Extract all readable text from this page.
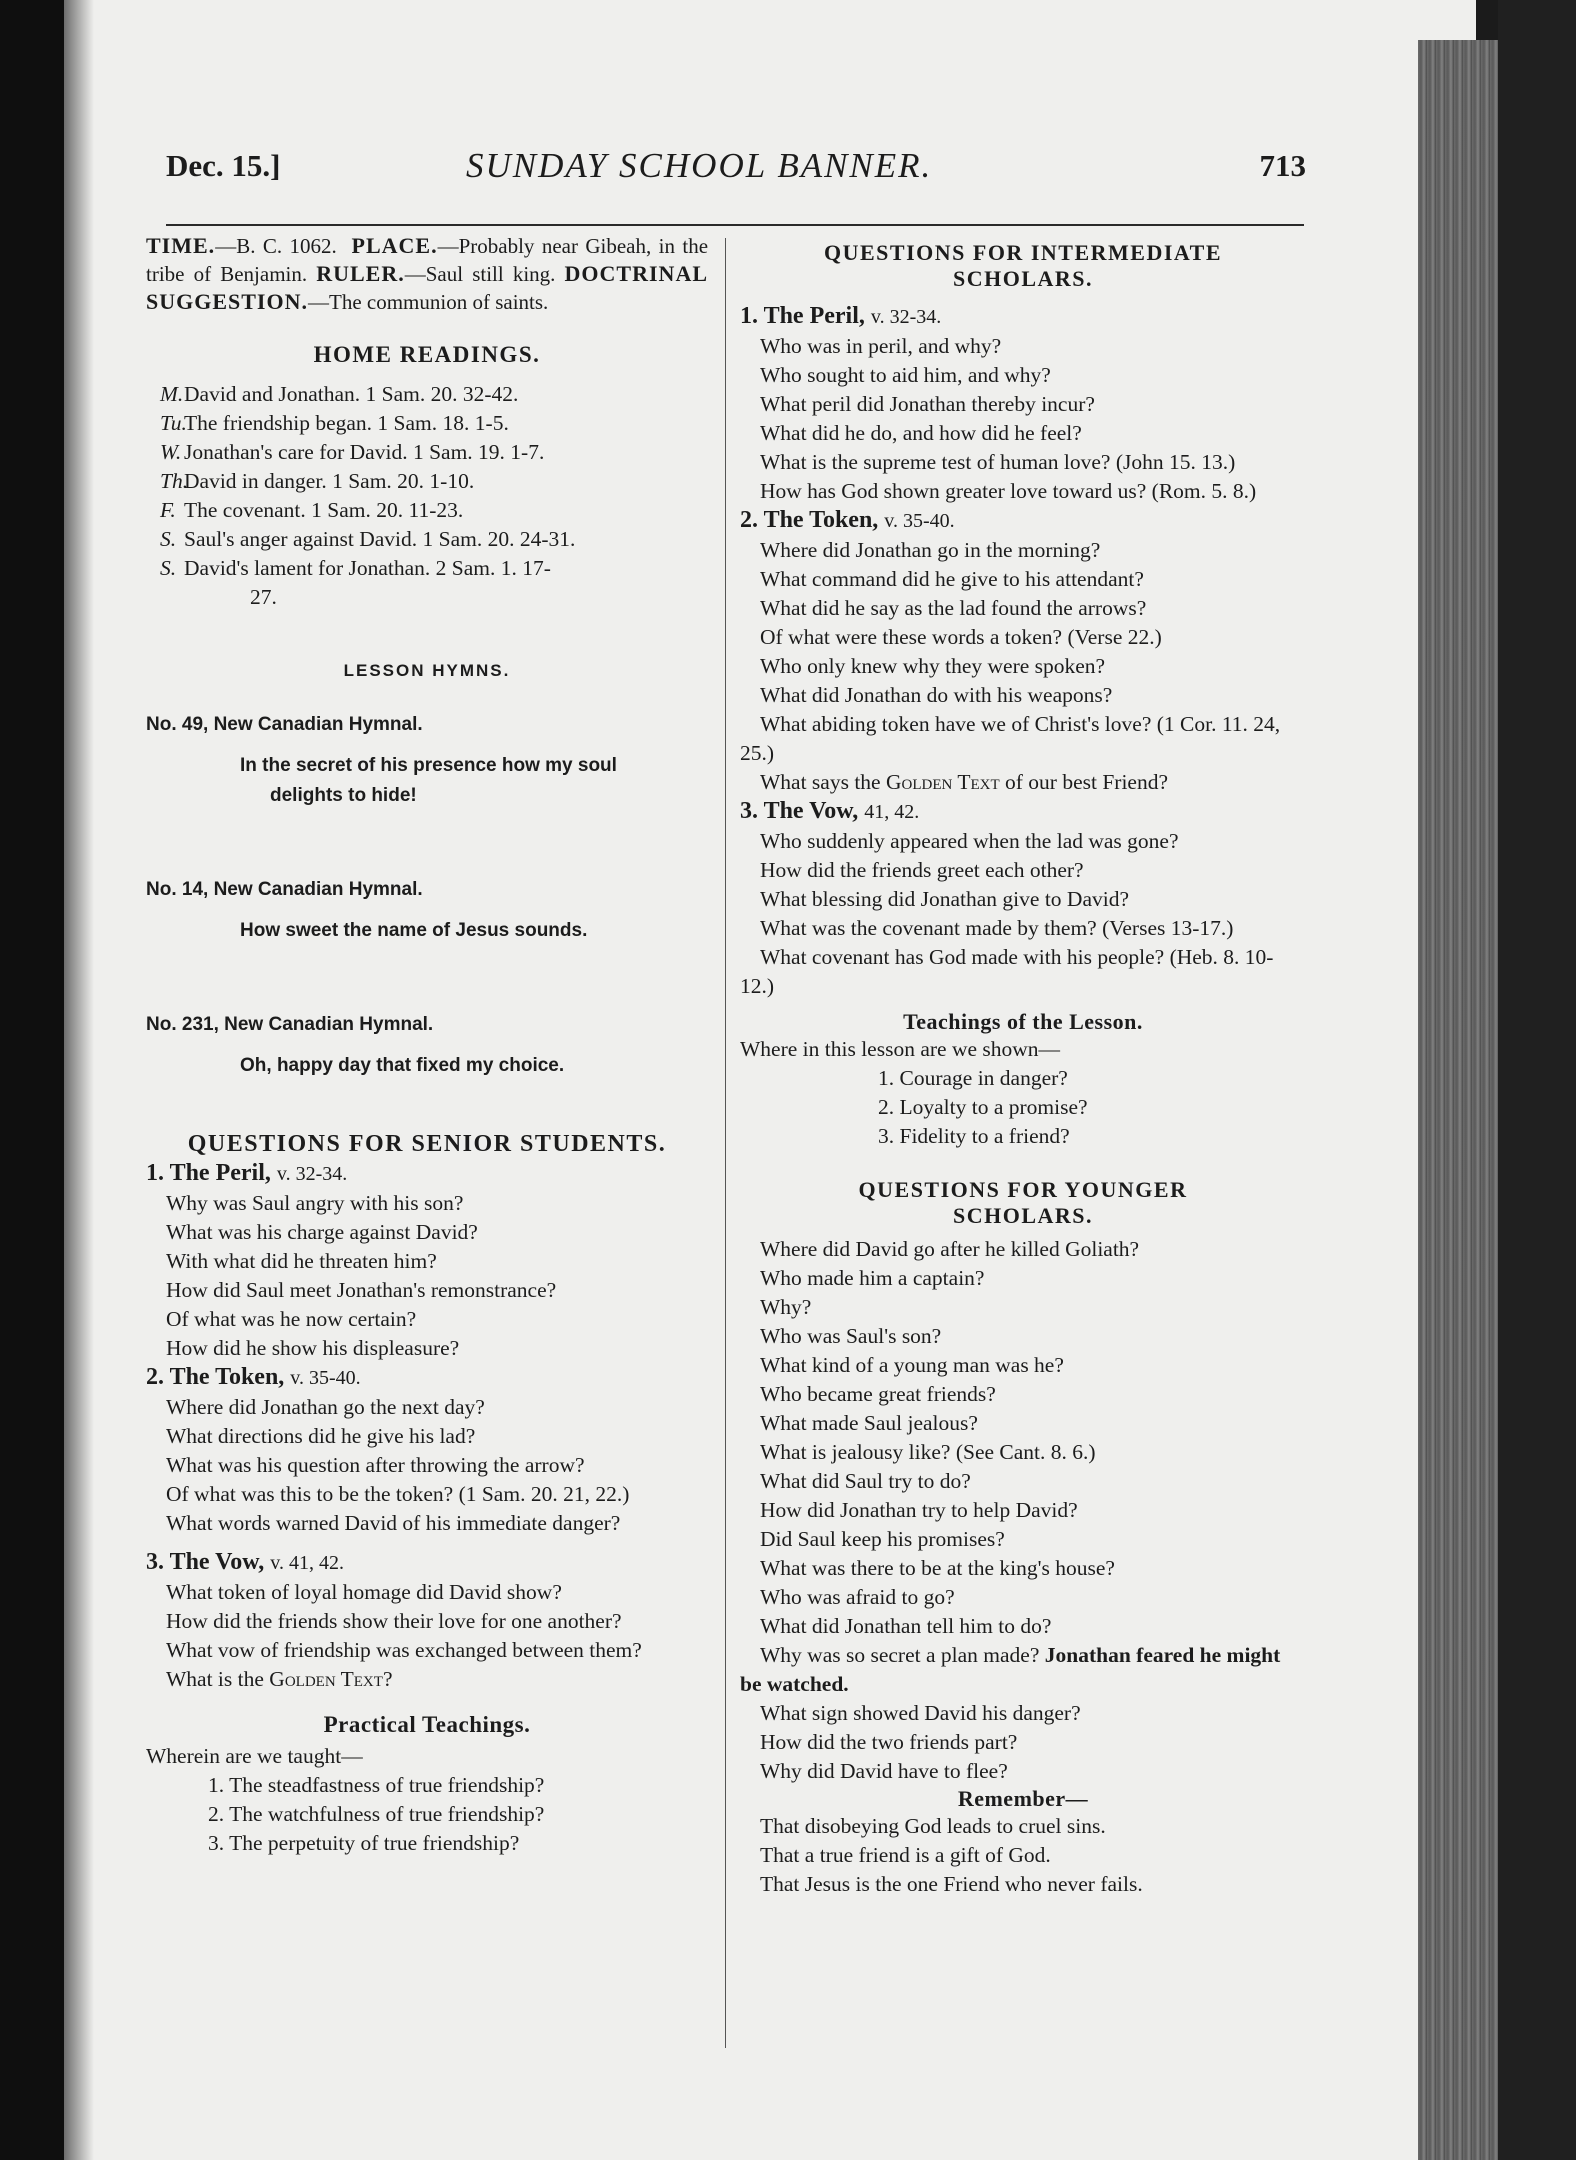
Dec. 15.]	SUNDAY SCHOOL BANNER.	713

TIME.—B. C. 1062. PLACE.—Probably near Gibeah, in the tribe of Benjamin. RULER.—Saul still king. DOCTRINAL SUGGESTION.—The communion of saints.

HOME READINGS.
M. David and Jonathan. 1 Sam. 20. 32-42.
Tu.
The friendship began. 1 Sam. 18. 1-5.
W. Jonathan's care for David. 1 Sam. 19. 1-7.
Th.
David in danger. 1 Sam. 20. 1-10.
F. The covenant. 1 Sam. 20. 11-23.
S. Saul's anger against David. 1 Sam. 20. 24-31.
S. David's lament for Jonathan. 2 Sam. 1. 17-
27.
LESSON HYMNS.
No. 49, New Canadian Hymnal.
In the secret of his presence how my soul
delights to hide!
No. 14, New Canadian Hymnal.
How sweet the name of Jesus sounds.
No. 231, New Canadian Hymnal.
Oh, happy day that fixed my choice.
QUESTIONS FOR SENIOR STUDENTS.
1. The Peril, v. 32-34.

Why was Saul angry with his son?

What was his charge against David?

With what did he threaten him?

How did Saul meet Jonathan's remonstrance?

Of what was he now certain?

How did he show his displeasure?

2. The Token, v. 35-40.

Where did Jonathan go the next day?

What directions did he give his lad?

What was his question after throwing the arrow?

Of what was this to be the token? (1 Sam. 20. 21, 22.)

What words warned David of his immediate danger?

3. The Vow, v. 41, 42.

What token of loyal homage did David show?

How did the friends show their love for one another?

What vow of friendship was exchanged between them?

What is the Golden Text?

Practical Teachings.

Wherein are we taught—

1. The steadfastness of true friendship?

2. The watchfulness of true friendship?

3. The perpetuity of true friendship?

QUESTIONS FOR INTERMEDIATE
SCHOLARS.
1. The Peril, v. 32-34.

Who was in peril, and why?

Who sought to aid him, and why?

What peril did Jonathan thereby incur?

What did he do, and how did he feel?

What is the supreme test of human love? (John 15. 13.)

How has God shown greater love toward us? (Rom. 5. 8.)

2. The Token, v. 35-40.

Where did Jonathan go in the morning?

What command did he give to his attendant?

What did he say as the lad found the arrows?

Of what were these words a token? (Verse 22.)

Who only knew why they were spoken?

What did Jonathan do with his weapons?

What abiding token have we of Christ's love? (1 Cor. 11. 24, 25.)

What says the Golden Text of our best Friend?

3. The Vow, 41, 42.

Who suddenly appeared when the lad was gone?

How did the friends greet each other?

What blessing did Jonathan give to David?

What was the covenant made by them? (Verses 13-17.)

What covenant has God made with his people? (Heb. 8. 10-12.)

Teachings of the Lesson.

Where in this lesson are we shown—

1. Courage in danger?

2. Loyalty to a promise?

3. Fidelity to a friend?

QUESTIONS FOR YOUNGER
SCHOLARS.

Where did David go after he killed Goliath?

Who made him a captain?

Why?

Who was Saul's son?

What kind of a young man was he?

Who became great friends?

What made Saul jealous?

What is jealousy like? (See Cant. 8. 6.)

What did Saul try to do?

How did Jonathan try to help David?

Did Saul keep his promises?

What was there to be at the king's house?

Who was afraid to go?

What did Jonathan tell him to do?

Why was so secret a plan made? Jonathan feared he might be watched.

What sign showed David his danger?

How did the two friends part?

Why did David have to flee?

Remember—

That disobeying God leads to cruel sins.

That a true friend is a gift of God.

That Jesus is the one Friend who never fails.
